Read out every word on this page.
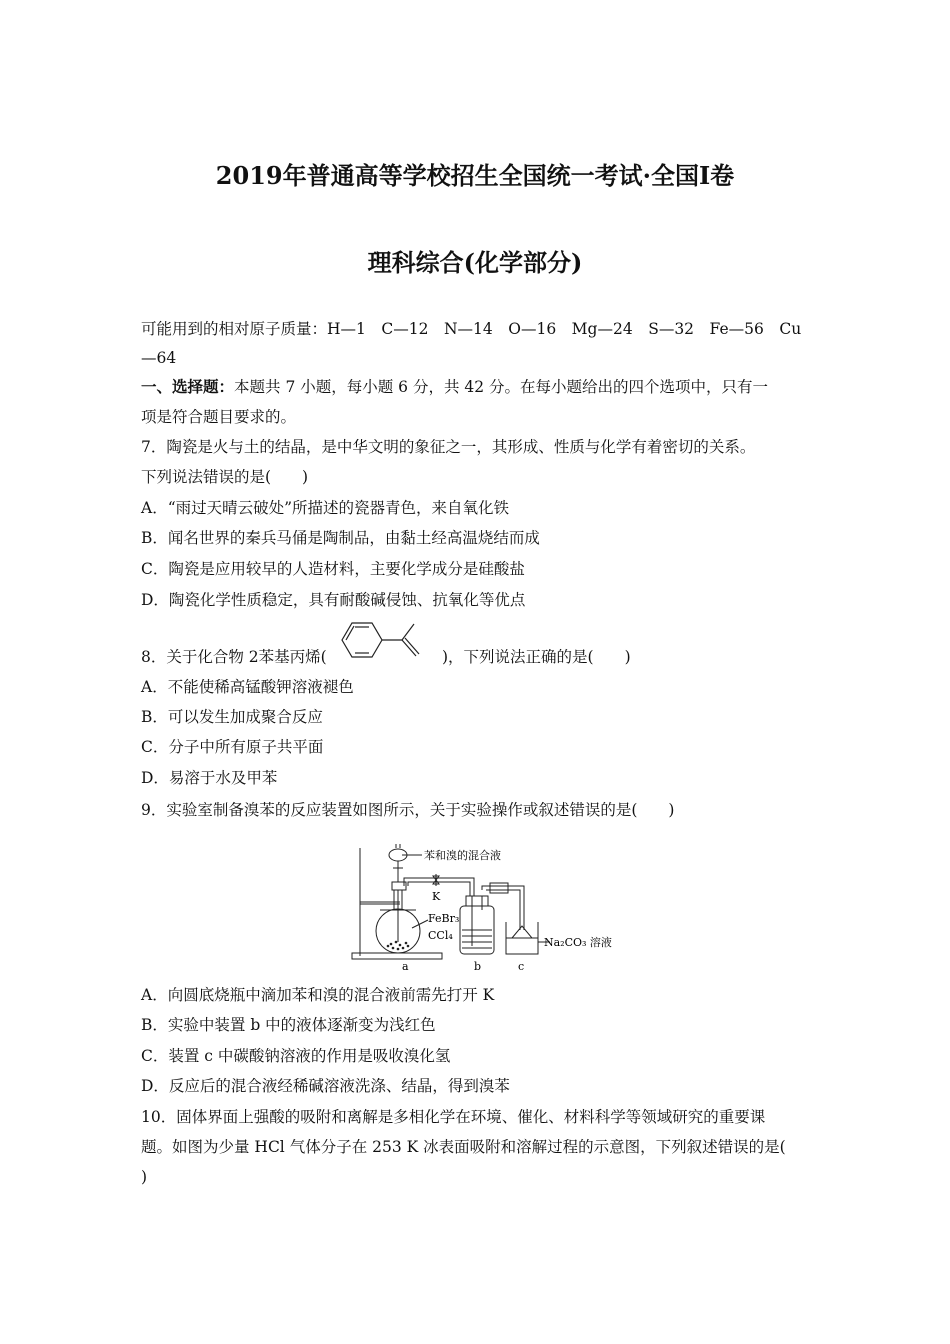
2019年普通高等学校招生全国统一考试·全国Ⅰ卷
理科综合(化学部分)
可能用到的相对原子质量：H—1　C—12　N—14　O—16　Mg—24　S—32　Fe—56　Cu
—64
一、选择题：本题共 7 小题，每小题 6 分，共 42 分。在每小题给出的四个选项中，只有一
项是符合题目要求的。
7．陶瓷是火与土的结晶，是中华文明的象征之一，其形成、性质与化学有着密切的关系。
下列说法错误的是(　　)
A．“雨过天晴云破处”所描述的瓷器青色，来自氧化铁
B．闻名世界的秦兵马俑是陶制品，由黏土经高温烧结而成
C．陶瓷是应用较早的人造材料，主要化学成分是硅酸盐
D．陶瓷化学性质稳定，具有耐酸碱侵蚀、抗氧化等优点
8．关于化合物 2苯基丙烯(	)，下列说法正确的是(　　)
A．不能使稀高锰酸钾溶液褪色
B．可以发生加成聚合反应
C．分子中所有原子共平面
D．易溶于水及甲苯
9．实验室制备溴苯的反应装置如图所示，关于实验操作或叙述错误的是(　　)
苯和溴的混合液
K
FeBr₃
CCl₄
Na₂CO₃ 溶液
a	b	c
A．向圆底烧瓶中滴加苯和溴的混合液前需先打开 K
B．实验中装置 b 中的液体逐渐变为浅红色
C．装置 c 中碳酸钠溶液的作用是吸收溴化氢
D．反应后的混合液经稀碱溶液洗涤、结晶，得到溴苯
10．固体界面上强酸的吸附和离解是多相化学在环境、催化、材料科学等领域研究的重要课
题。如图为少量 HCl 气体分子在 253 K 冰表面吸附和溶解过程的示意图，下列叙述错误的是(
)
